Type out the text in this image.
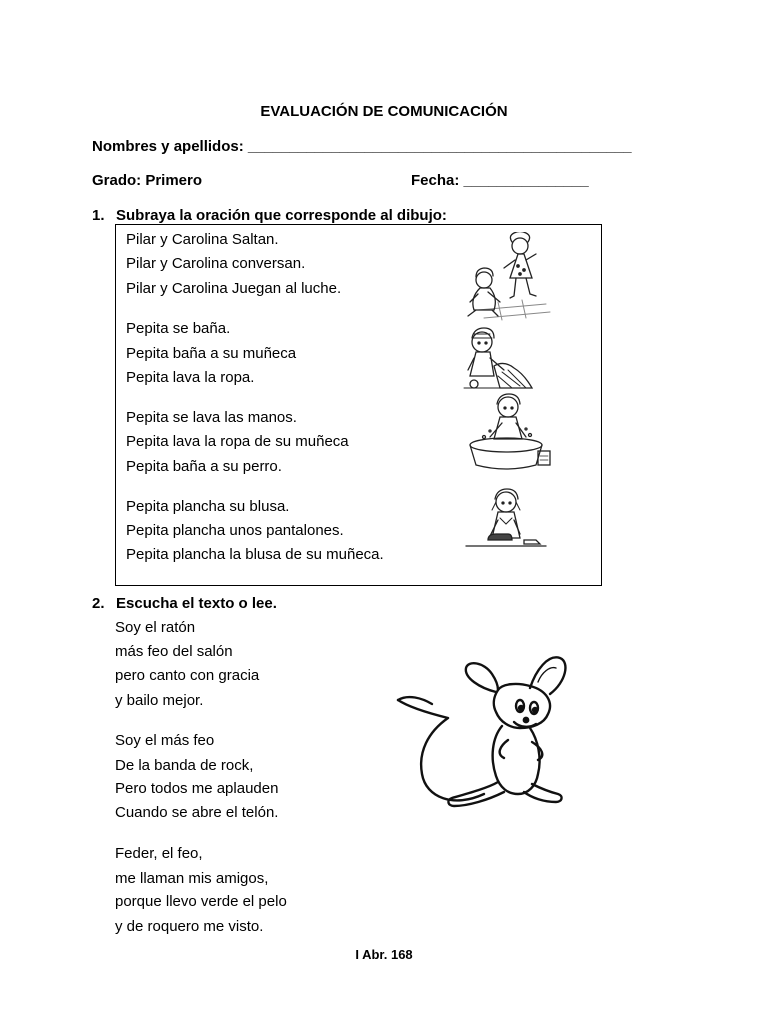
EVALUACIÓN DE COMUNICACIÓN
Nombres y apellidos: ______________________________________________
Grado: Primero	Fecha: _______________
1. Subraya la oración que corresponde al dibujo:
Pilar y Carolina Saltan.
Pilar y Carolina conversan.
Pilar y Carolina Juegan al luche.
Pepita se baña.
Pepita baña a su muñeca
Pepita lava la ropa.
Pepita se lava las manos.
Pepita lava la ropa de su muñeca
Pepita baña a su perro.
Pepita plancha su blusa.
Pepita plancha unos pantalones.
Pepita plancha la blusa de su muñeca.
2. Escucha el texto o lee.
Soy el ratón
más feo del salón
pero canto con gracia
y bailo mejor.
Soy el más feo
De la banda de rock,
Pero todos me aplauden
Cuando se abre el telón.
Feder, el feo,
me llaman mis amigos,
porque llevo verde el pelo
y de roquero me visto.
I Abr. 168
